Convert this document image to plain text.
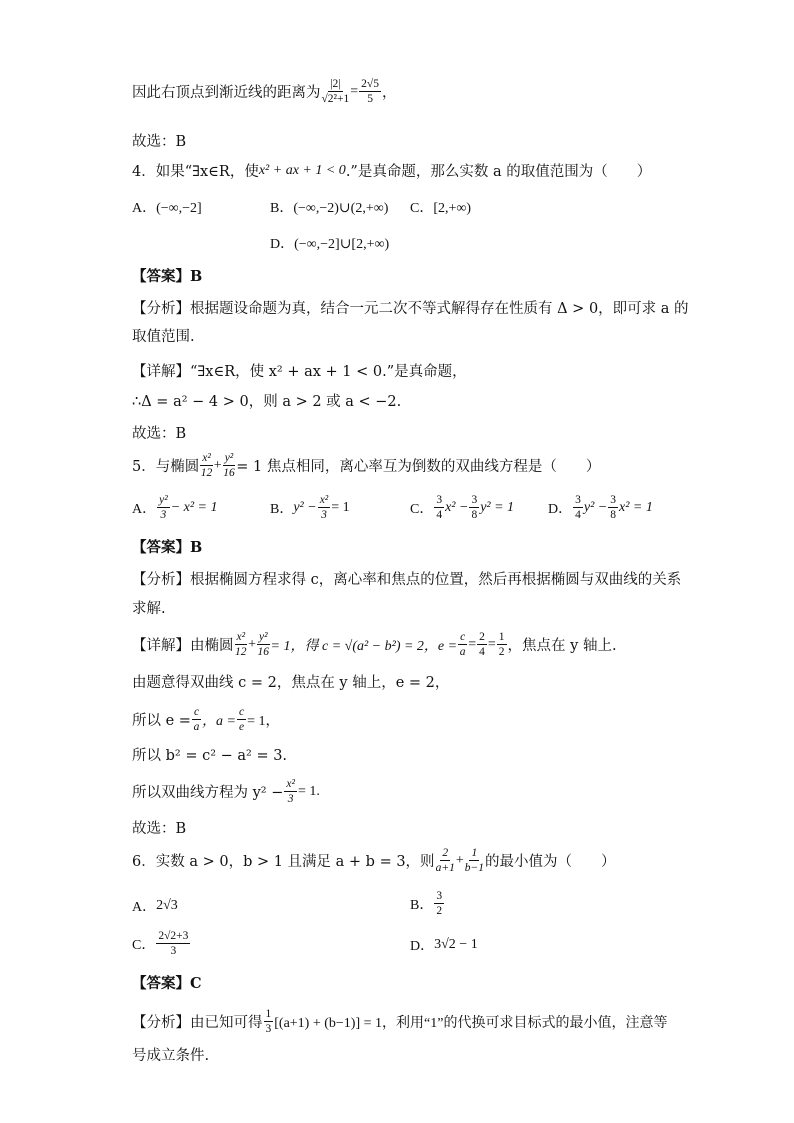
因此右顶点到渐近线的距离为 $\frac{|2|}{\text{√2²+1}} = \frac{2√5}{5}$ ，
故选：B
4．如果“∃x∈R，使 x² + ax + 1 < 0 .”是真命题，那么实数 a 的取值范围为（　　）
A．(−∞,−2]	B．(−∞,−2)∪(2,+∞) C．[2,+∞)
D．(−∞,−2]∪[2,+∞)
【答案】B
【分析】根据题设命题为真，结合一元二次不等式解得存在性质有 Δ > 0，即可求 a 的
取值范围.
【详解】“∃x∈R，使 x² + ax + 1 < 0.”是真命题，
∴Δ = a² − 4 > 0，则 a > 2 或 a < −2.
故选：B
5．与椭圆 $\frac{\text{x²}}{12} + \frac{\text{y²}}{16} = 1$ 焦点相同，离心率互为倒数的双曲线方程是（　　）
A． $\frac{\text{y²}}{3} - x^2 = 1$	B． $y^2 - \frac{\text{x²}}{3} = 1$	C． $\frac{3}{4} x^2 - \frac{3}{8} y^2 = 1$ D． $\frac{3}{4} y^2 - \frac{3}{8} x^2 = 1$
【答案】B
【分析】根据椭圆方程求得 c，离心率和焦点的位置，然后再根据椭圆与双曲线的关系
求解.
【详解】由椭圆 $\frac{\text{x²}}{12} + \frac{\text{y²}}{16} = 1$，得 c = √(a² − b²) = 2，$e = \frac{c}{a} = \frac{2}{4} = \frac{1}{2}$ ，焦点在 y 轴上.
由题意得双曲线 c = 2，焦点在 y 轴上，e = 2，
所以 $e = \frac{c}{a}$ ，$a = \frac{c}{e} = 1$，
所以 b² = c² − a² = 3.
所以双曲线方程为 $y^2 - \frac{\text{x²}}{3} = 1$.
故选：B
6．实数 a > 0，b > 1 且满足 a + b = 3，则 $\frac{2}{a+1} + \frac{1}{b-1}$ 的最小值为（　　）
A． 2√3	B． $\frac{3}{2}$
C． $\frac{2√2+3}{3}$	D． 3√2 − 1
【答案】C
【分析】由已知可得 $\frac{1}{3} [(a+1) + (b-1)] = 1$，利用“1”的代换可求目标式的最小值，注意等
号成立条件.
